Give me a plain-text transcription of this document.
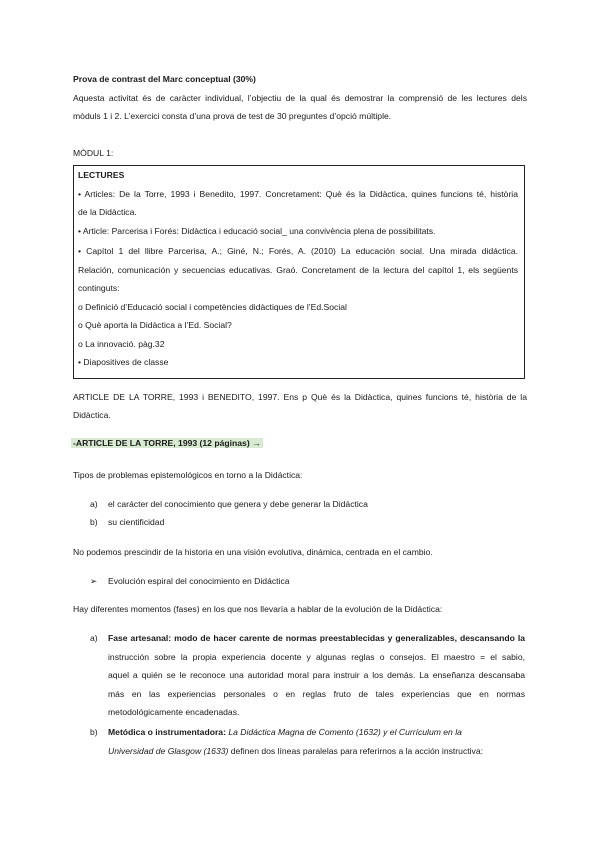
Prova de contrast del Marc conceptual (30%)
Aquesta activitat és de caràcter individual, l’objectiu de la qual és demostrar la comprensió de les lectures dels
mòduls 1 i 2. L’exercici consta d’una prova de test de 30 preguntes d’opció múltiple.
MÒDUL 1:
LECTURES
• Articles: De la Torre, 1993 i Benedito, 1997. Concretament: Què és la Didàctica, quines funcions té, història
de la Didàctica.
• Article: Parcerisa i Forés: Didàctica i educació social_ una convivència plena de possibilitats.
• Capítol 1 del llibre Parcerisa, A.; Giné, N.; Forés, A. (2010) La educación social. Una mirada didáctica.
Relación, comunicación y secuencias educativas. Graó. Concretament de la lectura del capítol 1, els següents
continguts:
o Definició d’Educació social i competències didàctiques de l’Ed.Social
o Què aporta la Didàctica a l’Ed. Social?
o La innovació. pàg.32
• Diapositives de classe
ARTICLE DE LA TORRE, 1993 i BENEDITO, 1997. Ens p Què és la Didàctica, quines funcions té, història de la
Didàctica.
-ARTICLE DE LA TORRE, 1993 (12 páginas) →
Tipos de problemas epistemológicos en torno a la Didáctica:
a) el carácter del conocimiento que genera y debe generar la Didáctica
b) su cientificidad
No podemos prescindir de la historia en una visión evolutiva, dinámica, centrada en el cambio.
➢ Evolución espiral del conocimiento en Didáctica
Hay diferentes momentos (fases) en los que nos llevaría a hablar de la evolución de la Didáctica:
a) Fase artesanal: modo de hacer carente de normas preestablecidas y generalizables, descansando la
instrucción sobre la propia experiencia docente y algunas reglas o consejos. El maestro = el sabio,
aquel a quién se le reconoce una autoridad moral para instruir a los demás. La enseñanza descansaba
más en las experiencias personales o en reglas fruto de tales experiencias que en normas
metodológicamente encadenadas.
b) Metódica o instrumentadora: La Didáctica Magna de Comento (1632) y el Currículum en la
Universidad de Glasgow (1633) definen dos líneas paralelas para referirnos a la acción instructiva:
